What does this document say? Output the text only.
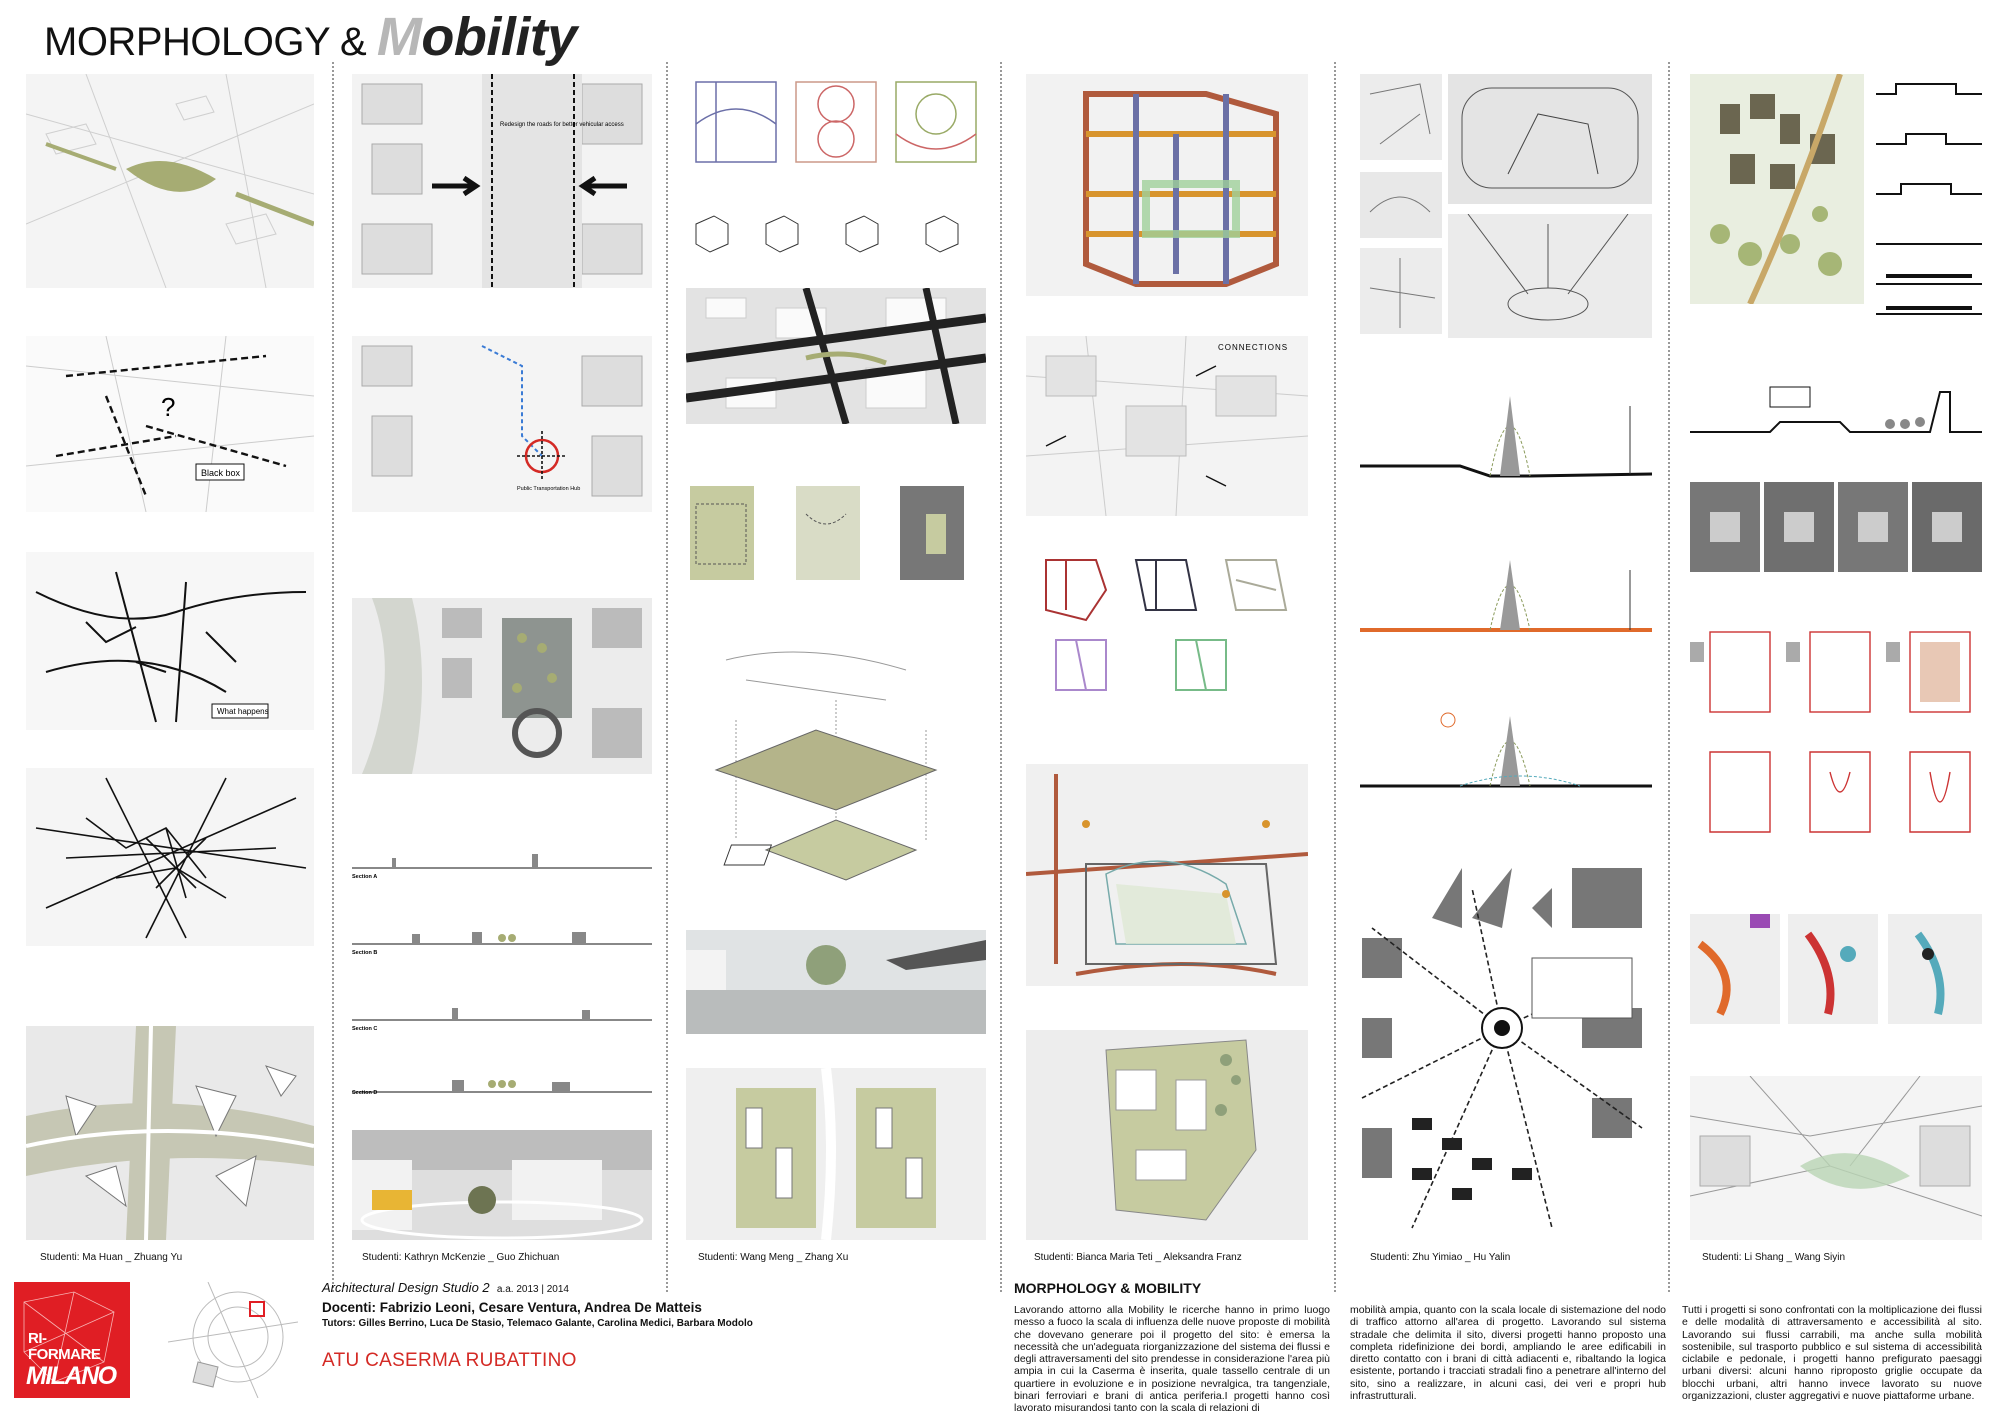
MORPHOLOGY & Mobility
?
Black box
What happens
Studenti: Ma Huan _ Zhuang Yu
Redesign the roads for better vehicular access
Public Transportation Hub
Section A
Section B
Section C
Section D
Studenti: Kathryn McKenzie _ Guo Zhichuan	Studenti: Wang Meng _ Zhang Xu
CONNECTIONS
Studenti: Bianca Maria Teti _ Aleksandra Franz	Studenti: Zhu Yimiao _ Hu Yalin	Studenti: Li Shang _ Wang Siyin
RI-
FORMARE
MILANO
Architectural Design Studio 2 a.a. 2013 | 2014
Docenti: Fabrizio Leoni, Cesare Ventura, Andrea De Matteis
Tutors: Gilles Berrino, Luca De Stasio, Telemaco Galante, Carolina Medici, Barbara Modolo
ATU CASERMA RUBATTINO
MORPHOLOGY & MOBILITY
Lavorando attorno alla Mobility le ricerche hanno in primo luogo messo a fuoco la scala di influenza delle nuove proposte di mobilità che dovevano generare poi il progetto del sito: è emersa la necessità che un'adeguata riorganizzazione del sistema dei flussi e degli attraversamenti del sito prendesse in considerazione l'area più ampia in cui la Caserma è inserita, quale tassello centrale di un quartiere in evoluzione e in posizione nevralgica, tra tangenziale, binari ferroviari e brani di antica periferia.I progetti hanno così lavorato misurandosi tanto con la scala di relazioni di
mobilità ampia, quanto con la scala locale di sistemazione del nodo di traffico attorno all'area di progetto. Lavorando sul sistema stradale che delimita il sito, diversi progetti hanno proposto una completa ridefinizione dei bordi, ampliando le aree edificabili in diretto contatto con i brani di città adiacenti e, ribaltando la logica esistente, portando i tracciati stradali fino a penetrare all'interno del sito, sino a realizzare, in alcuni casi, dei veri e propri hub infrastrutturali.
Tutti i progetti si sono confrontati con la moltiplicazione dei flussi e delle modalità di attraversamento e accessibilità al sito. Lavorando sui flussi carrabili, ma anche sulla mobilità sostenibile, sul trasporto pubblico e sul sistema di accessibilità ciclabile e pedonale, i progetti hanno prefigurato paesaggi urbani diversi: alcuni hanno riproposto griglie occupate da blocchi urbani, altri hanno invece lavorato su nuove organizzazioni, cluster aggregativi e nuove piattaforme urbane.
